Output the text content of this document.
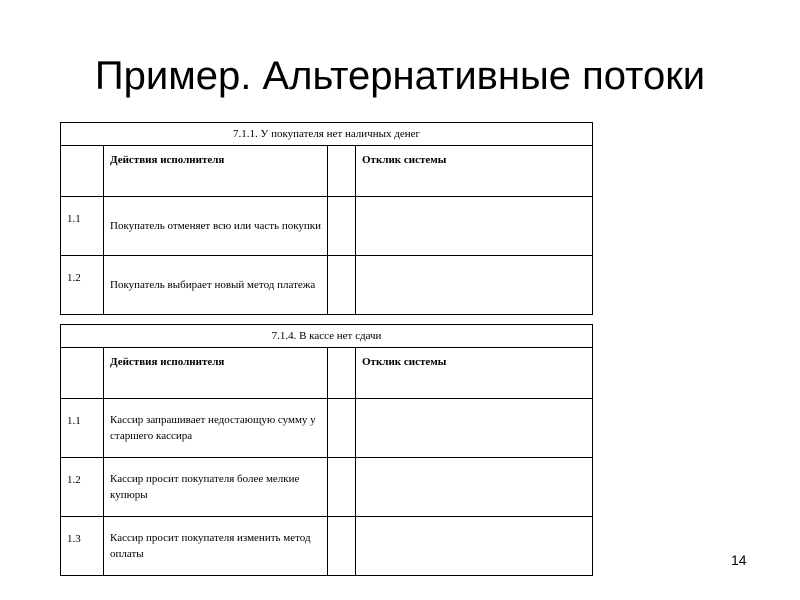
Пример. Альтернативные потоки
7.1.1. У покупателя нет наличных денег			
	Действия исполнителя		Отклик системы
1.1	Покупатель отменяет всю или часть покупки		
1.2	Покупатель выбирает новый метод платежа		
7.1.4. В кассе нет сдачи			
	Действия исполнителя		Отклик системы
1.1	Кассир запрашивает недостающую сумму у старшего кассира		
1.2	Кассир просит покупателя более мелкие купюры		
1.3	Кассир просит покупателя изменить метод оплаты			14
